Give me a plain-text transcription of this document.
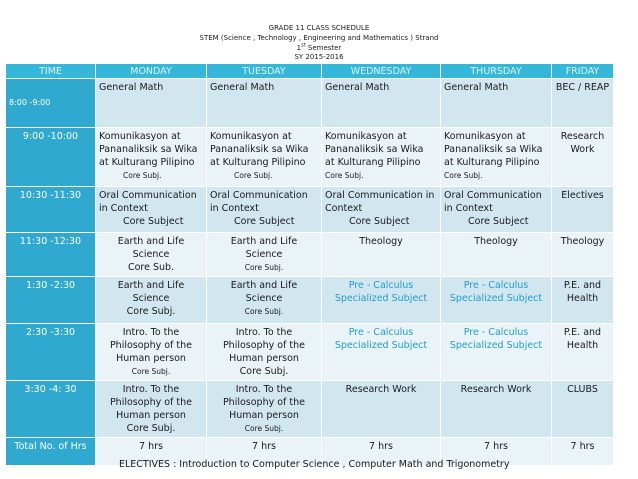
GRADE 11 CLASS SCHEDULE
STEM (Science , Technology , Engineering and Mathematics ) Strand
1st Semester
SY 2015-2016
TIME	MONDAY	TUESDAY	WEDNESDAY	THURSDAY	FRIDAY

8:00 -9:00	General Math	General Math	General Math	General Math	BEC / REAP

9:00 -10:00	Komunikasyon at
Pananaliksik sa Wika
at Kulturang Pilipino
Core Subj.	Komunikasyon at
Pananaliksik sa Wika
at Kulturang Pilipino
Core Subj.	Komunikasyon at
Pananaliksik sa Wika
at Kulturang Pilipino
Core Subj.	Komunikasyon at
Pananaliksik sa Wika
at Kulturang Pilipino
Core Subj.	Research
Work

10:30 -11:30	Oral Communication
in Context
Core Subject	Oral Communication
in Context
Core Subject	Oral Communication in
Context
Core Subject	Oral Communication
in Context
Core Subject	Electives

11:30 -12:30	Earth and Life
Science
Core Sub.	Earth and Life
Science
Core Subj.	Theology	Theology	Theology

1:30 -2:30	Earth and Life
Science
Core Subj.	Earth and Life
Science
Core Subj.	Pre - Calculus
Specialized Subject	Pre - Calculus
Specialized Subject	P.E. and
Health

2:30 -3:30	Intro. To the
Philosophy of the
Human person
Core Subj.	Intro. To the
Philosophy of the
Human person
Core Subj.	Pre - Calculus
Specialized Subject	Pre - Calculus
Specialized Subject	P.E. and
Health

3:30 -4: 30	Intro. To the
Philosophy of the
Human person
Core Subj.	Intro. To the
Philosophy of the
Human person
Core Subj.	Research Work	Research Work	CLUBS

Total No. of Hrs	7 hrs	7 hrs	7 hrs	7 hrs	7 hrs
ELECTIVES : Introduction to Computer Science , Computer Math and Trigonometry
